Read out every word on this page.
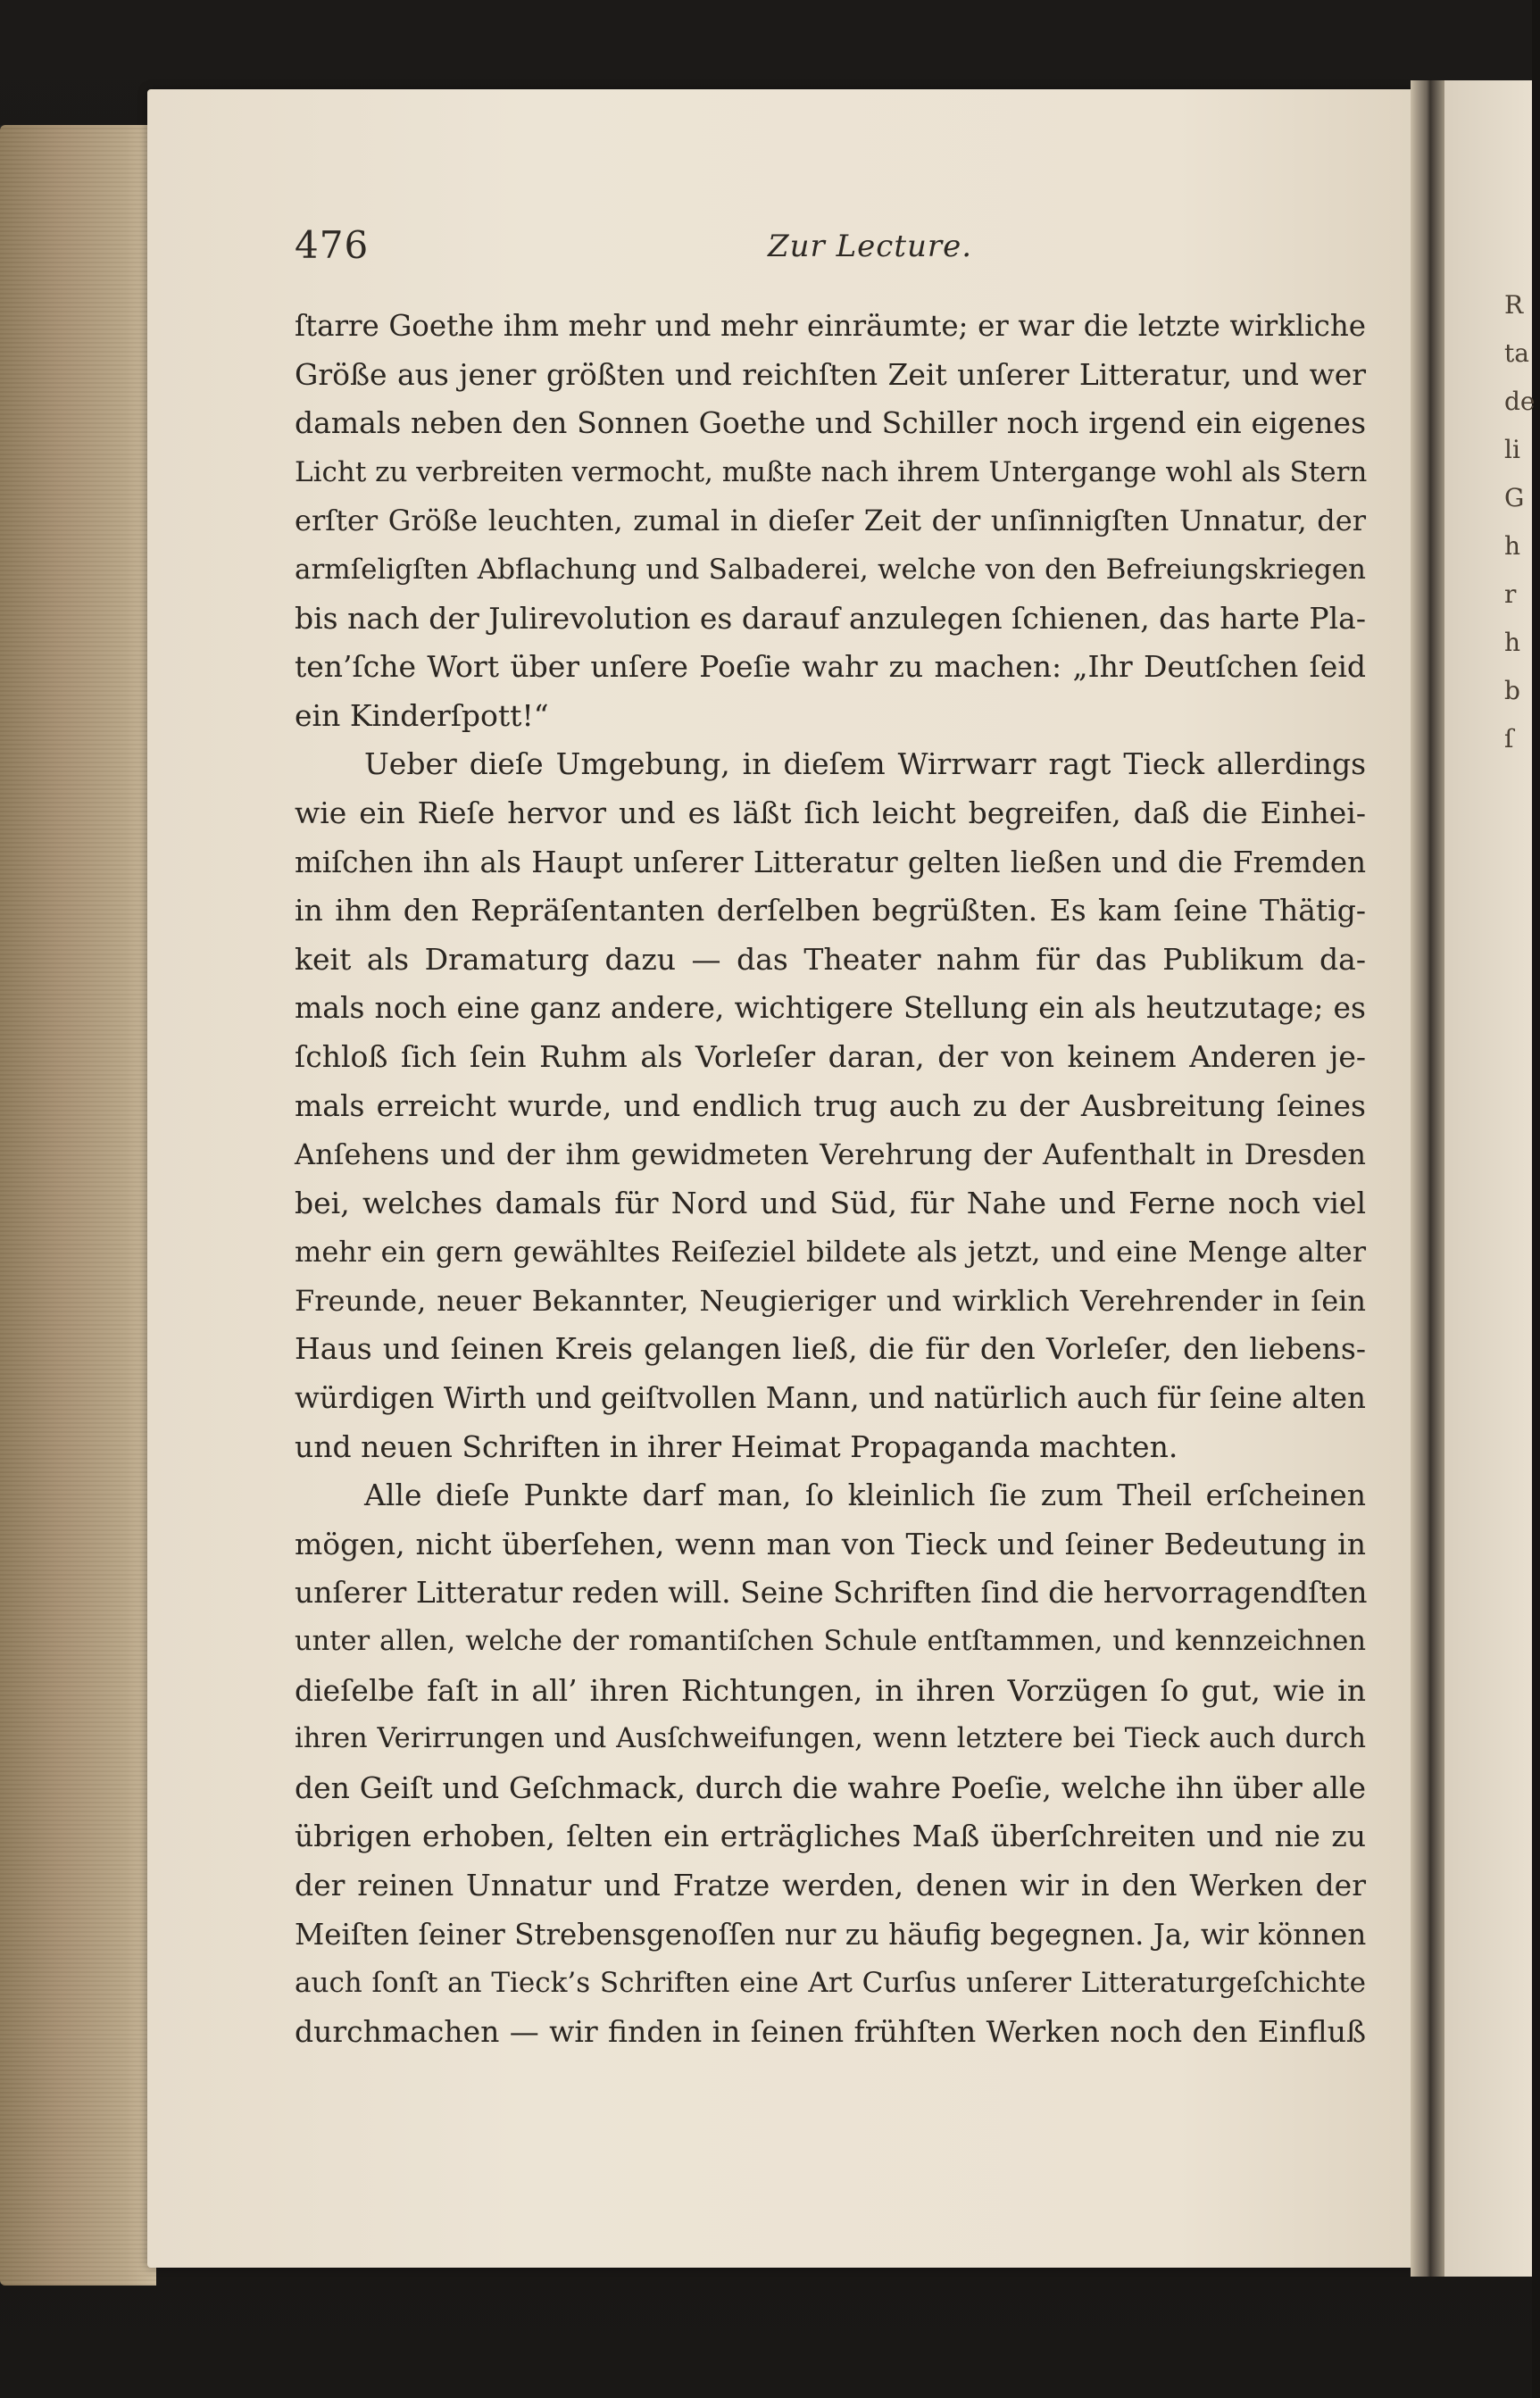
R
ta
de
li
G
h
r
h
b
ſ
476	Zur Lecture.
ſtarre Goethe ihm mehr und mehr einräumte; er war die letzte wirkliche
Größe aus jener größten und reichſten Zeit unſerer Litteratur, und wer
damals neben den Sonnen Goethe und Schiller noch irgend ein eigenes
Licht zu verbreiten vermocht, mußte nach ihrem Untergange wohl als Stern
erſter Größe leuchten, zumal in dieſer Zeit der unſinnigſten Unnatur, der
armſeligſten Abflachung und Salbaderei, welche von den Befreiungskriegen
bis nach der Julirevolution es darauf anzulegen ſchienen, das harte Pla-
ten’ſche Wort über unſere Poeſie wahr zu machen: „Ihr Deutſchen ſeid
ein Kinderſpott!“
Ueber dieſe Umgebung, in dieſem Wirrwarr ragt Tieck allerdings
wie ein Rieſe hervor und es läßt ſich leicht begreifen, daß die Einhei-
miſchen ihn als Haupt unſerer Litteratur gelten ließen und die Fremden
in ihm den Repräſentanten derſelben begrüßten. Es kam ſeine Thätig-
keit als Dramaturg dazu — das Theater nahm für das Publikum da-
mals noch eine ganz andere, wichtigere Stellung ein als heutzutage; es
ſchloß ſich ſein Ruhm als Vorleſer daran, der von keinem Anderen je-
mals erreicht wurde, und endlich trug auch zu der Ausbreitung ſeines
Anſehens und der ihm gewidmeten Verehrung der Aufenthalt in Dresden
bei, welches damals für Nord und Süd, für Nahe und Ferne noch viel
mehr ein gern gewähltes Reiſeziel bildete als jetzt, und eine Menge alter
Freunde, neuer Bekannter, Neugieriger und wirklich Verehrender in ſein
Haus und ſeinen Kreis gelangen ließ, die für den Vorleſer, den liebens-
würdigen Wirth und geiſtvollen Mann, und natürlich auch für ſeine alten
und neuen Schriften in ihrer Heimat Propaganda machten.
Alle dieſe Punkte darf man, ſo kleinlich ſie zum Theil erſcheinen
mögen, nicht überſehen, wenn man von Tieck und ſeiner Bedeutung in
unſerer Litteratur reden will. Seine Schriften ſind die hervorragendſten
unter allen, welche der romantiſchen Schule entſtammen, und kennzeichnen
dieſelbe faſt in all’ ihren Richtungen, in ihren Vorzügen ſo gut, wie in
ihren Verirrungen und Ausſchweifungen, wenn letztere bei Tieck auch durch
den Geiſt und Geſchmack, durch die wahre Poeſie, welche ihn über alle
übrigen erhoben, ſelten ein erträgliches Maß überſchreiten und nie zu
der reinen Unnatur und Fratze werden, denen wir in den Werken der
Meiſten ſeiner Strebensgenoſſen nur zu häufig begegnen. Ja, wir können
auch ſonſt an Tieck’s Schriften eine Art Curſus unſerer Litteraturgeſchichte
durchmachen — wir finden in ſeinen frühſten Werken noch den Einfluß
